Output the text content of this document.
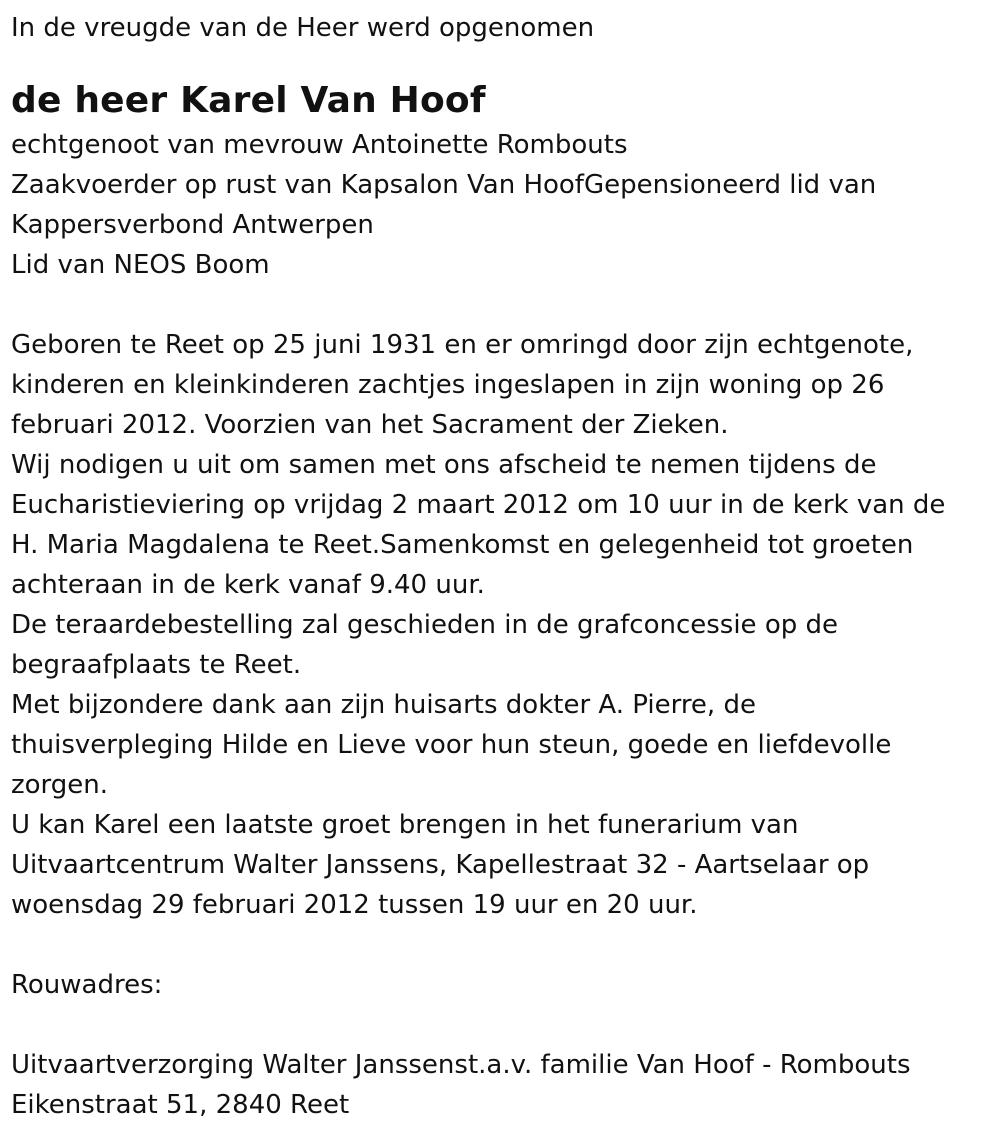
In de vreugde van de Heer werd opgenomen

de heer Karel Van Hoof
echtgenoot van mevrouw Antoinette Rombouts
Zaakvoerder op rust van Kapsalon Van HoofGepensioneerd lid van
Kappersverbond Antwerpen
Lid van NEOS Boom
Geboren te Reet op 25 juni 1931 en er omringd door zijn echtgenote,
kinderen en kleinkinderen zachtjes ingeslapen in zijn woning op 26
februari 2012. Voorzien van het Sacrament der Zieken.
Wij nodigen u uit om samen met ons afscheid te nemen tijdens de
Eucharistieviering op vrijdag 2 maart 2012 om 10 uur in de kerk van de
H. Maria Magdalena te Reet.Samenkomst en gelegenheid tot groeten
achteraan in de kerk vanaf 9.40 uur.
De teraardebestelling zal geschieden in de grafconcessie op de
begraafplaats te Reet.
Met bijzondere dank aan zijn huisarts dokter A. Pierre, de
thuisverpleging Hilde en Lieve voor hun steun, goede en liefdevolle
zorgen.
U kan Karel een laatste groet brengen in het funerarium van
Uitvaartcentrum Walter Janssens, Kapellestraat 32 - Aartselaar op
woensdag 29 februari 2012 tussen 19 uur en 20 uur.
Rouwadres:
Uitvaartverzorging Walter Janssenst.a.v. familie Van Hoof - Rombouts
Eikenstraat 51, 2840 Reet
